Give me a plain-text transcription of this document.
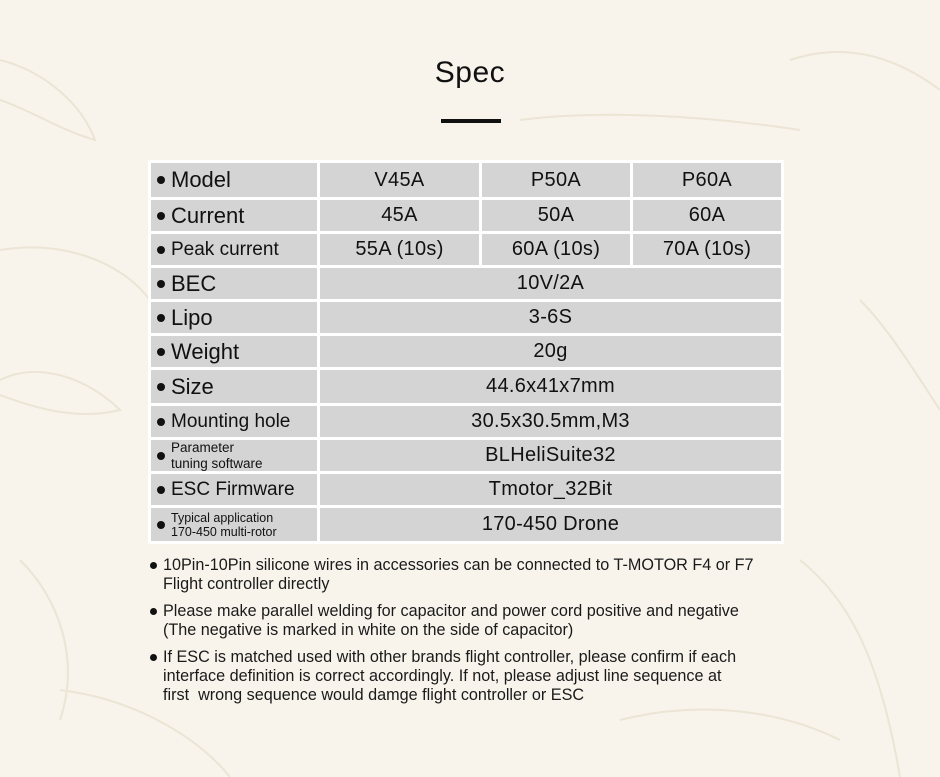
Spec
Model	V45A	P50A	P60A
Current	45A	50A	60A
Peak current	55A (10s)	60A (10s)	70A (10s)
BEC	10V/2A
Lipo	3-6S
Weight	20g
Size	44.6x41x7mm
Mounting hole	30.5x30.5mm,M3
Parameter
tuning software	BLHeliSuite32
ESC Firmware	Tmotor_32Bit
Typical application
170-450 multi-rotor	170-450 Drone
10Pin-10Pin silicone wires in accessories can be connected to T-MOTOR F4 or F7
Flight controller directly
Please make parallel welding for capacitor and power cord positive and negative
(The negative is marked in white on the side of capacitor)
If ESC is matched used with other brands flight controller, please confirm if each
interface definition is correct accordingly. If not, please adjust line sequence at
first  wrong sequence would damge flight controller or ESC
